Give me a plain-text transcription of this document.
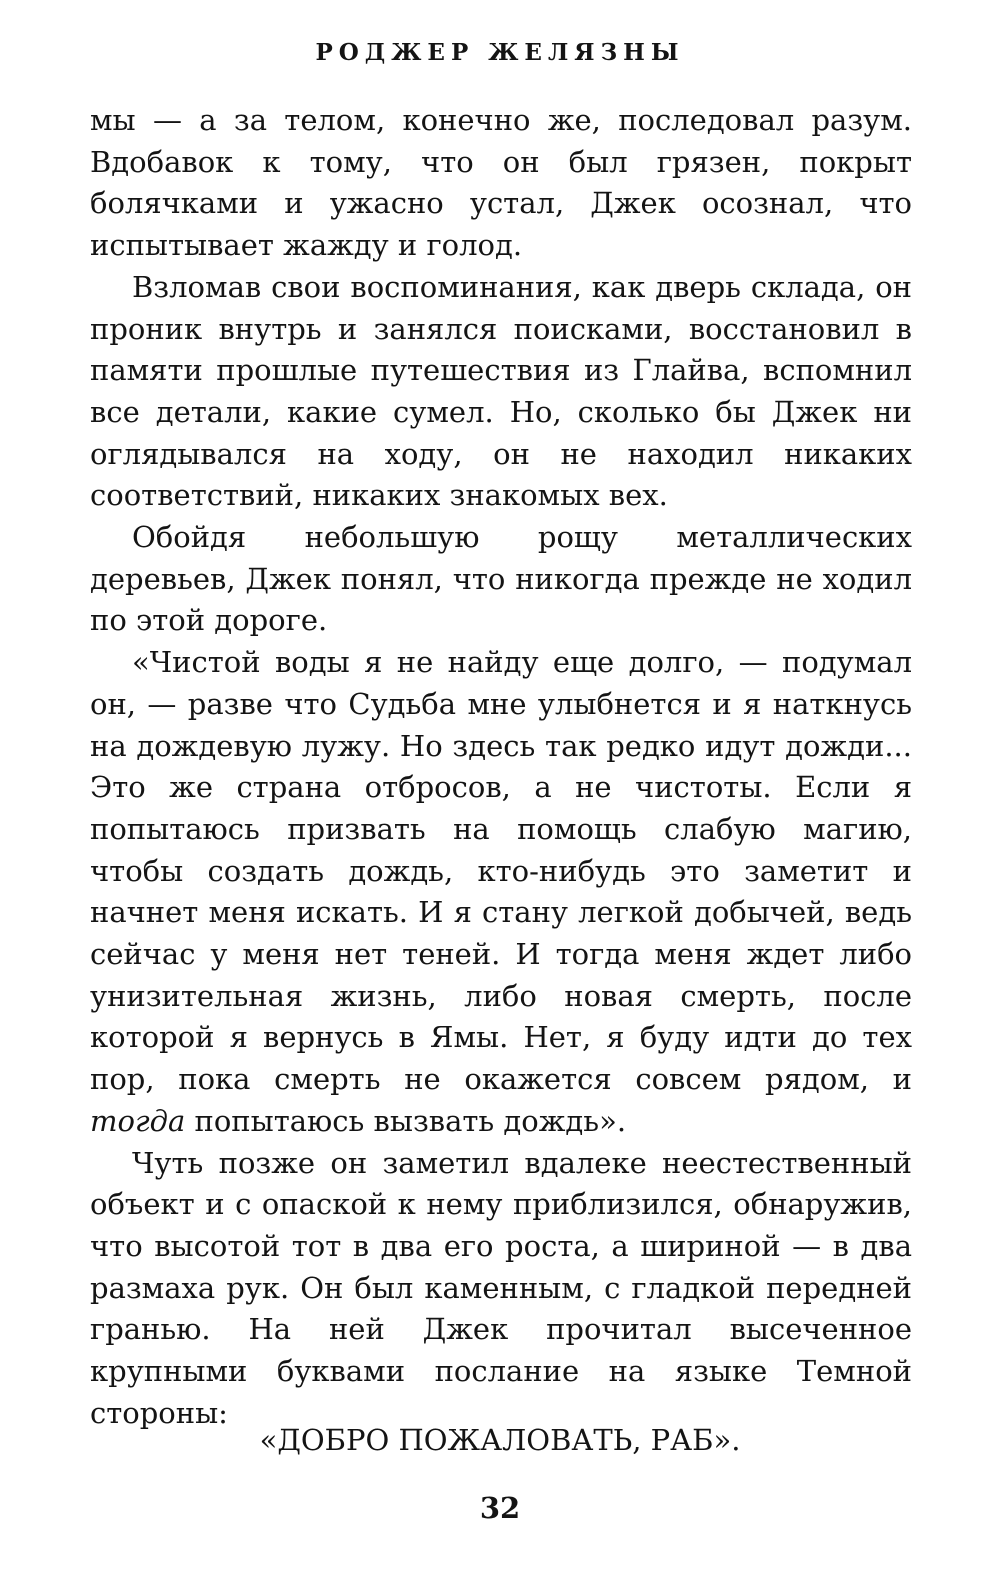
РОДЖЕР ЖЕЛЯЗНЫ

мы — а за телом, конечно же, последовал разум. Вдобавок к тому, что он был грязен, покрыт болячками и ужасно устал, Джек осознал, что испытывает жажду и голод.

Взломав свои воспоминания, как дверь склада, он проник внутрь и занялся поисками, восстановил в памяти прошлые путешествия из Глайва, вспомнил все детали, какие сумел. Но, сколько бы Джек ни оглядывался на ходу, он не находил никаких соответствий, никаких знакомых вех.

Обойдя небольшую рощу металлических деревьев, Джек понял, что никогда прежде не ходил по этой дороге.

«Чистой воды я не найду еще долго, — подумал он, — разве что Судьба мне улыбнется и я наткнусь на дождевую лужу. Но здесь так редко идут дожди... Это же страна отбросов, а не чистоты. Если я попытаюсь призвать на помощь слабую магию, чтобы создать дождь, кто-нибудь это заметит и начнет меня искать. И я стану легкой добычей, ведь сейчас у меня нет теней. И тогда меня ждет либо унизительная жизнь, либо новая смерть, после которой я вернусь в Ямы. Нет, я буду идти до тех пор, пока смерть не окажется совсем рядом, и тогда попытаюсь вызвать дождь».

Чуть позже он заметил вдалеке неестественный объект и с опаской к нему приблизился, обнаружив, что высотой тот в два его роста, а шириной — в два размаха рук. Он был каменным, с гладкой передней гранью. На ней Джек прочитал высеченное крупными буквами послание на языке Темной стороны:

«ДОБРО ПОЖАЛОВАТЬ, РАБ».
32
